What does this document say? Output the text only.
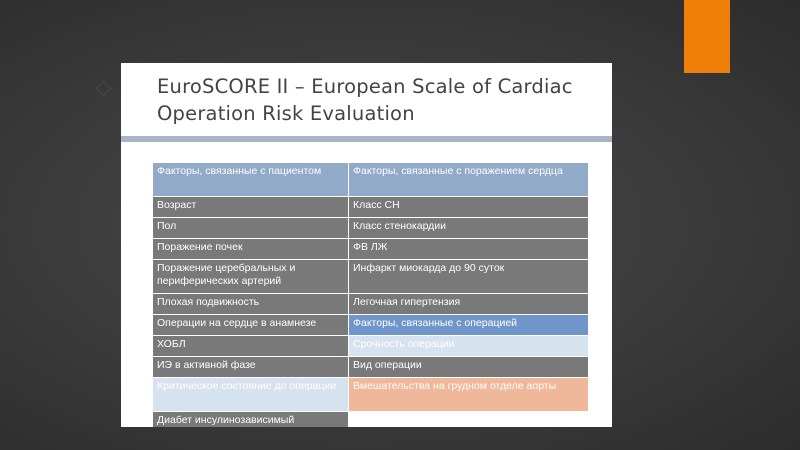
EuroSCORE II – European Scale of Cardiac Operation Risk Evaluation
Факторы, связанные с пациентом	Факторы, связанные с поражением сердца
Возраст	Класс СН
Пол	Класс стенокардии
Поражение почек	ФВ ЛЖ
Поражение церебральных и периферических артерий	Инфаркт миокарда до 90 суток
Плохая подвижность	Легочная гипертензия
Операции на сердце в анамнезе	Факторы, связанные с операцией
ХОБЛ	Срочность операции
ИЭ в активной фазе	Вид операции
Критическое состояние до операции	Вмешательства на грудном отделе аорты
Диабет инсулинозависимый	
